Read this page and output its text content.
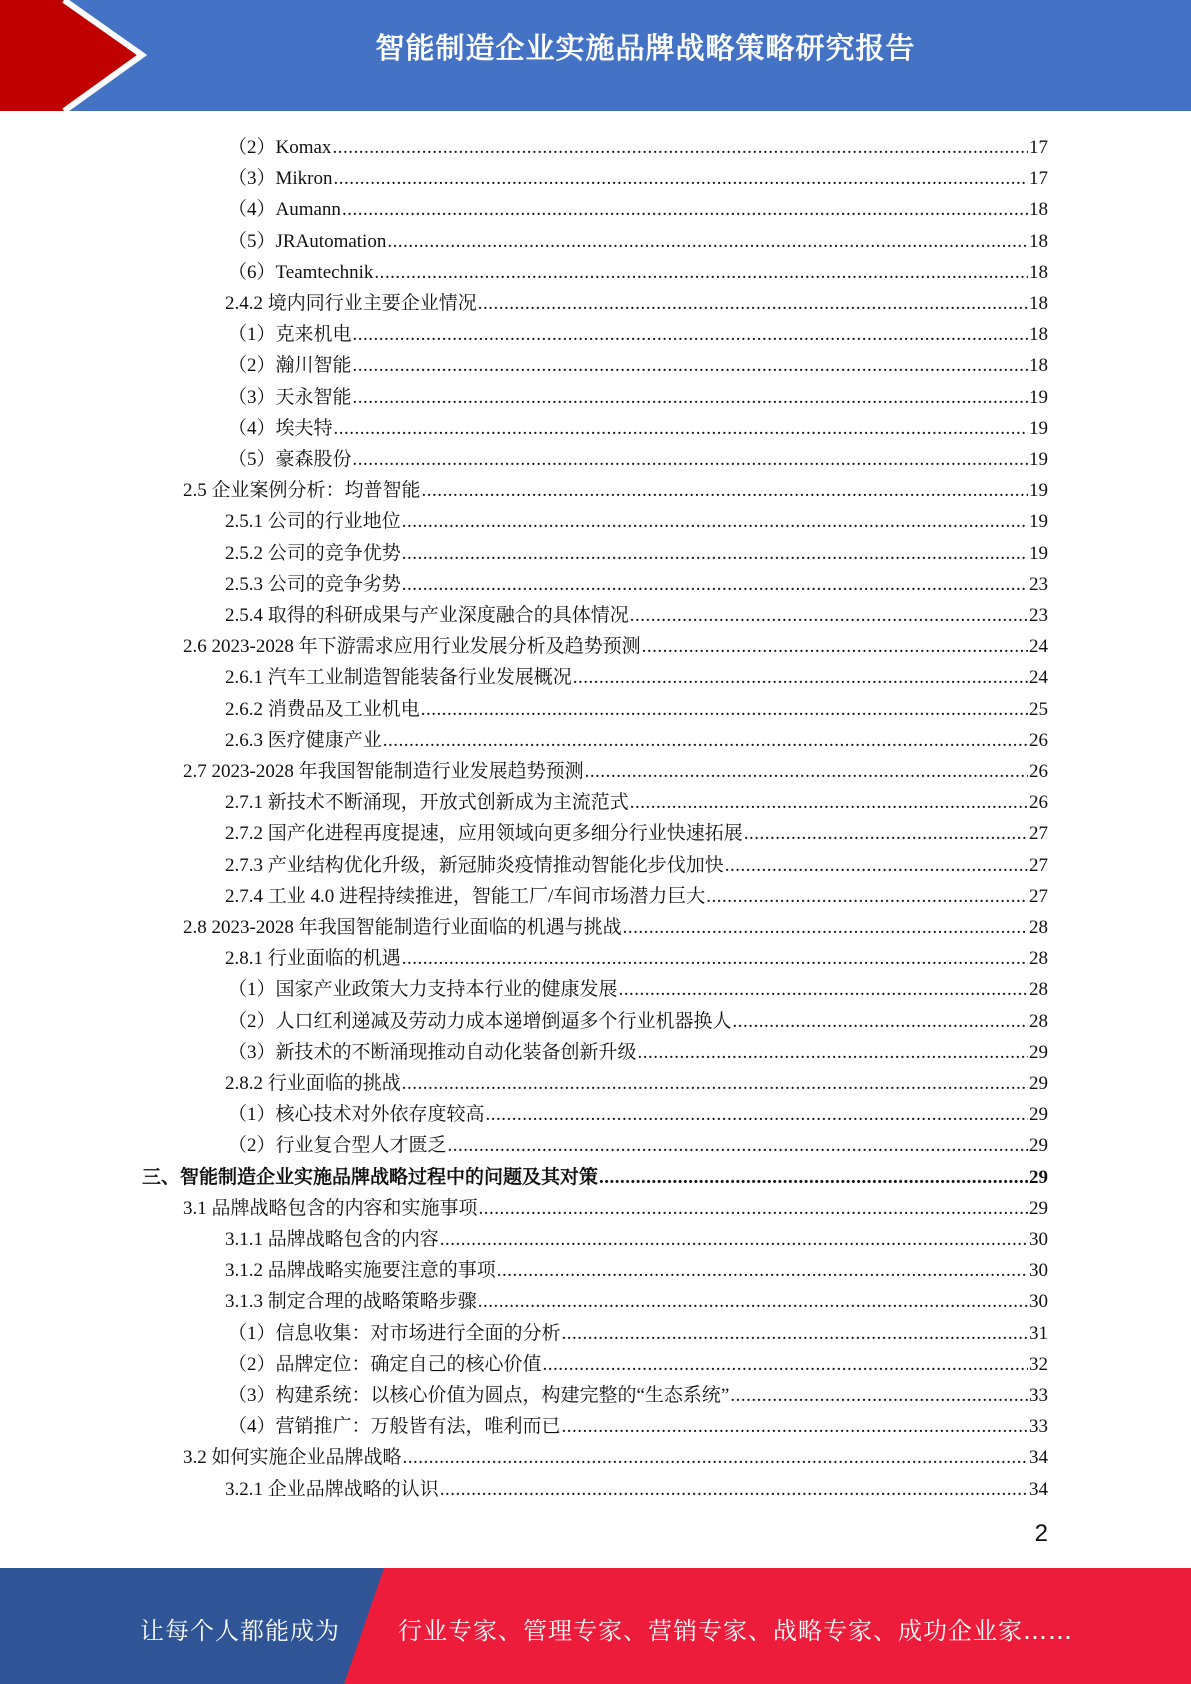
智能制造企业实施品牌战略策略研究报告
（2）Komax .....	17
（3）Mikron .....	17
（4）Aumann .....	18
（5）JRAutomation .....	18
（6）Teamtechnik .....	18
2.4.2 境内同行业主要企业情况 .....	18
（1）克来机电 .....	18
（2）瀚川智能 .....	18
（3）天永智能 .....	19
（4）埃夫特 .....	19
（5）豪森股份 .....	19
2.5 企业案例分析：均普智能 .....	19
2.5.1 公司的行业地位 .....	19
2.5.2 公司的竞争优势 .....	19
2.5.3 公司的竞争劣势 .....	23
2.5.4 取得的科研成果与产业深度融合的具体情况 .....	23
2.6 2023-2028 年下游需求应用行业发展分析及趋势预测 .....	24
2.6.1 汽车工业制造智能装备行业发展概况 .....	24
2.6.2 消费品及工业机电 .....	25
2.6.3 医疗健康产业 .....	26
2.7 2023-2028 年我国智能制造行业发展趋势预测 .....	26
2.7.1 新技术不断涌现，开放式创新成为主流范式 .....	26
2.7.2 国产化进程再度提速，应用领域向更多细分行业快速拓展 .....	27
2.7.3 产业结构优化升级，新冠肺炎疫情推动智能化步伐加快 .....	27
2.7.4 工业 4.0 进程持续推进，智能工厂/车间市场潜力巨大 .....	27
2.8 2023-2028 年我国智能制造行业面临的机遇与挑战 .....	28
2.8.1 行业面临的机遇 .....	28
（1）国家产业政策大力支持本行业的健康发展 .....	28
（2）人口红利递减及劳动力成本递增倒逼多个行业机器换人 .....	28
（3）新技术的不断涌现推动自动化装备创新升级 .....	29
2.8.2 行业面临的挑战 .....	29
（1）核心技术对外依存度较高 .....	29
（2）行业复合型人才匮乏 .....	29
三、智能制造企业实施品牌战略过程中的问题及其对策 .....	29
3.1 品牌战略包含的内容和实施事项 .....	29
3.1.1 品牌战略包含的内容 .....	30
3.1.2 品牌战略实施要注意的事项 .....	30
3.1.3 制定合理的战略策略步骤 .....	30
（1）信息收集：对市场进行全面的分析 .....	31
（2）品牌定位：确定自己的核心价值 .....	32
（3）构建系统：以核心价值为圆点，构建完整的“生态系统” .....	33
（4）营销推广：万般皆有法，唯利而已 .....	33
3.2 如何实施企业品牌战略 .....	34
3.2.1 企业品牌战略的认识 .....	34
2
让每个人都能成为 行业专家、管理专家、营销专家、战略专家、成功企业家……
